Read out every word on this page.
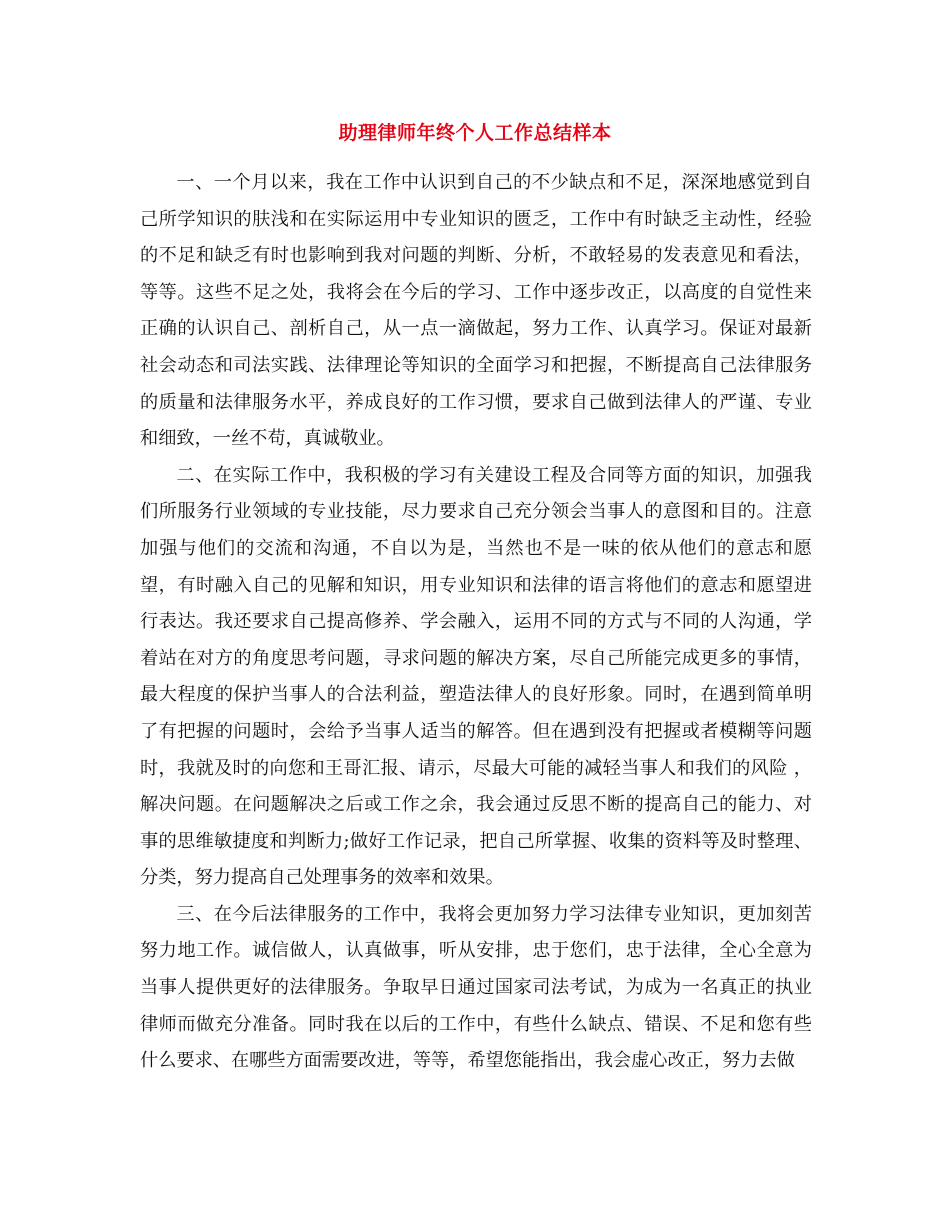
助理律师年终个人工作总结样本

一、一个月以来，我在工作中认识到自己的不少缺点和不足，深深地感觉到自己所学知识的肤浅和在实际运用中专业知识的匮乏，工作中有时缺乏主动性，经验的不足和缺乏有时也影响到我对问题的判断、分析，不敢轻易的发表意见和看法，等等。这些不足之处，我将会在今后的学习、工作中逐步改正，以高度的自觉性来正确的认识自己、剖析自己，从一点一滴做起，努力工作、认真学习。保证对最新社会动态和司法实践、法律理论等知识的全面学习和把握，不断提高自己法律服务的质量和法律服务水平，养成良好的工作习惯，要求自己做到法律人的严谨、专业和细致，一丝不苟，真诚敬业。

二、在实际工作中，我积极的学习有关建设工程及合同等方面的知识，加强我们所服务行业领域的专业技能，尽力要求自己充分领会当事人的意图和目的。注意加强与他们的交流和沟通，不自以为是，当然也不是一味的依从他们的意志和愿望，有时融入自己的见解和知识，用专业知识和法律的语言将他们的意志和愿望进行表达。我还要求自己提高修养、学会融入，运用不同的方式与不同的人沟通，学着站在对方的角度思考问题，寻求问题的解决方案，尽自己所能完成更多的事情，最大程度的保护当事人的合法利益，塑造法律人的良好形象。同时，在遇到简单明了有把握的问题时，会给予当事人适当的解答。但在遇到没有把握或者模糊等问题时，我就及时的向您和王哥汇报、请示，尽最大可能的减轻当事人和我们的风险 ，解决问题。在问题解决之后或工作之余，我会通过反思不断的提高自己的能力、对事的思维敏捷度和判断力;做好工作记录，把自己所掌握、收集的资料等及时整理、分类，努力提高自己处理事务的效率和效果。

三、在今后法律服务的工作中，我将会更加努力学习法律专业知识，更加刻苦努力地工作。诚信做人，认真做事，听从安排，忠于您们，忠于法律，全心全意为当事人提供更好的法律服务。争取早日通过国家司法考试，为成为一名真正的执业律师而做充分准备。同时我在以后的工作中，有些什么缺点、错误、不足和您有些什么要求、在哪些方面需要改进，等等，希望您能指出，我会虚心改正，努力去做
